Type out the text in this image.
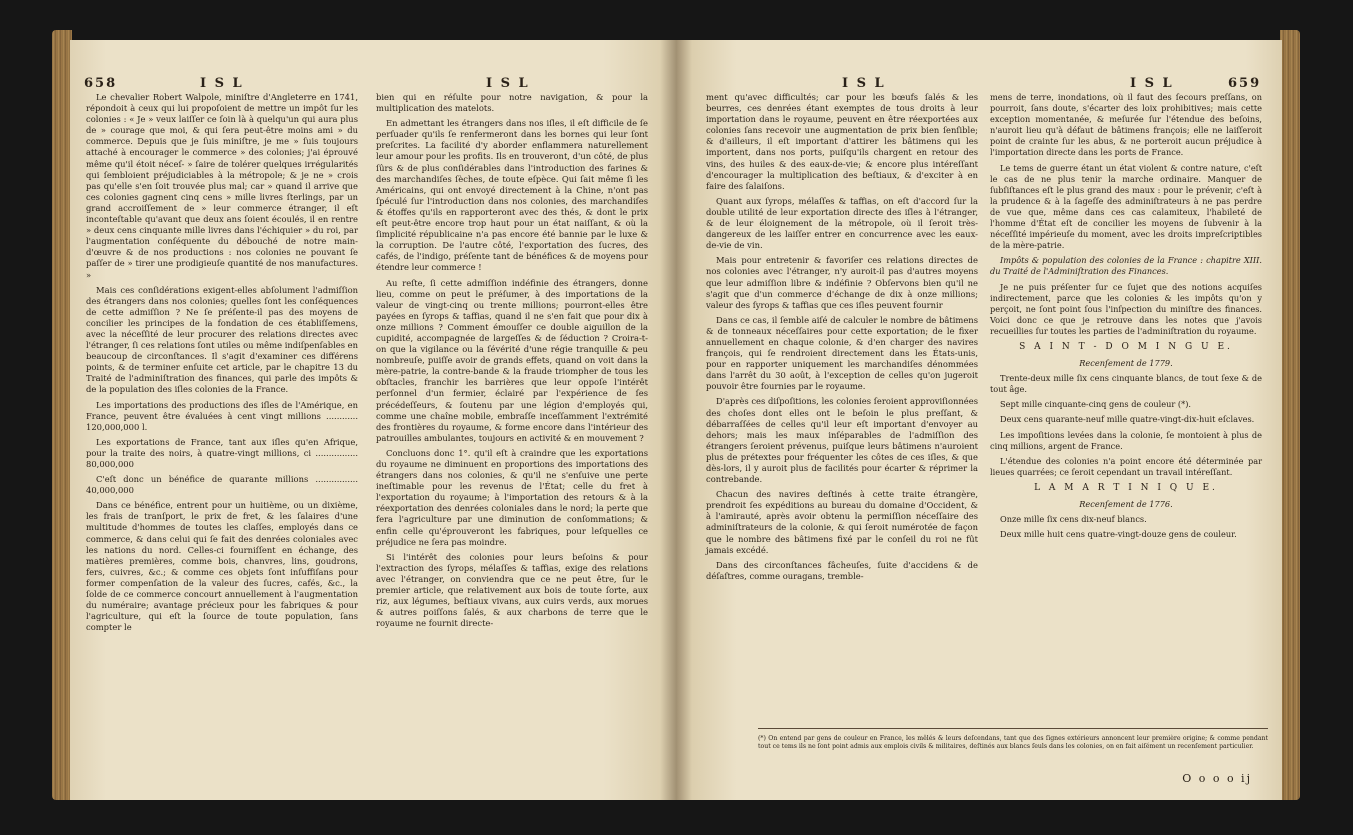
658	I S L	I S L

Le chevalier Robert Walpole, miniſtre d'Angleterre en 1741, répondoit à ceux qui lui propoſoient de mettre un impôt ſur les colonies : « Je » veux laiſſer ce ſoin là à quelqu'un qui aura plus de » courage que moi, & qui ſera peut-être moins ami » du commerce. Depuis que je ſuis miniſtre, je me » ſuis toujours attaché à encourager le commerce » des colonies; j'ai éprouvé même qu'il étoit néceſ- » ſaire de tolérer quelques irrégularités qui ſembloient préjudiciables à la métropole; & je ne » crois pas qu'elle s'en ſoit trouvée plus mal; car » quand il arrive que ces colonies gagnent cinq cens » mille livres ſterlings, par un grand accroiſſement de » leur commerce étranger, il eſt inconteſtable qu'avant que deux ans ſoient écoulés, il en rentre » deux cens cinquante mille livres dans l'échiquier » du roi, par l'augmentation conſéquente du débouché de notre main-d'œuvre & de nos productions : nos colonies ne pouvant ſe paſſer de » tirer une prodigieuſe quantité de nos manufactures. »

Mais ces conſidérations exigent-elles abſolument l'admiſſion des étrangers dans nos colonies; quelles ſont les conſéquences de cette admiſſion ? Ne ſe préſente-il pas des moyens de concilier les principes de la fondation de ces établiſſemens, avec la néceſſité de leur procurer des relations directes avec l'étranger, ſi ces relations ſont utiles ou même indiſpenſables en beaucoup de circonſtances. Il s'agit d'examiner ces différens points, & de terminer enſuite cet article, par le chapitre 13 du Traité de l'adminiſtration des finances, qui parle des impôts & de la population des iſles colonies de la France.

Les importations des productions des iſles de l'Amérique, en France, peuvent être évaluées à cent vingt millions ............ 120,000,000 l.

Les exportations de France, tant aux iſles qu'en Afrique, pour la traite des noirs, à quatre-vingt millions, ci ................ 80,000,000

C'eſt donc un bénéfice de quarante millions ................ 40,000,000

Dans ce bénéfice, entrent pour un huitième, ou un dixième, les frais de tranſport, le prix de fret, & les ſalaires d'une multitude d'hommes de toutes les claſſes, employés dans ce commerce, & dans celui qui ſe fait des denrées coloniales avec les nations du nord. Celles-ci fourniſſent en échange, des matières premières, comme bois, chanvres, lins, goudrons, fers, cuivres, &c.; & comme ces objets ſont inſuffiſans pour former compenſation de la valeur des ſucres, cafés, &c., la ſolde de ce commerce concourt annuellement à l'augmentation du numéraire; avantage précieux pour les fabriques & pour l'agriculture, qui eſt la ſource de toute population, ſans compter le

bien qui en réſulte pour notre navigation, & pour la multiplication des matelots.

En admettant les étrangers dans nos iſles, il eſt difficile de ſe perſuader qu'ils ſe renfermeront dans les bornes qui leur ſont preſcrites. La facilité d'y aborder enflammera naturellement leur amour pour les profits. Ils en trouveront, d'un côté, de plus ſûrs & de plus conſidérables dans l'introduction des farines & des marchandiſes ſèches, de toute eſpèce. Qui ſait même ſi les Américains, qui ont envoyé directement à la Chine, n'ont pas ſpéculé ſur l'introduction dans nos colonies, des marchandiſes & étoffes qu'ils en rapporteront avec des thés, & dont le prix eſt peut-être encore trop haut pour un état naiſſant, & où la ſimplicité républicaine n'a pas encore été bannie par le luxe & la corruption. De l'autre côté, l'exportation des ſucres, des cafés, de l'indigo, préſente tant de bénéfices & de moyens pour étendre leur commerce !

Au reſte, ſi cette admiſſion indéfinie des étrangers, donne lieu, comme on peut le préſumer, à des importations de la valeur de vingt-cinq ou trente millions; pourront-elles être payées en ſyrops & taffias, quand il ne s'en fait que pour dix à onze millions ? Comment émouſſer ce double aiguillon de la cupidité, accompagnée de largeſſes & de ſéduction ? Croira-t-on que la vigilance ou la ſévérité d'une régie tranquille & peu nombreuſe, puiſſe avoir de grands effets, quand on voit dans la mère-patrie, la contre-bande & la fraude triompher de tous les obſtacles, franchir les barrières que leur oppoſe l'intérêt perſonnel d'un fermier, éclairé par l'expérience de ſes précédeſſeurs, & ſoutenu par une légion d'employés qui, comme une chaîne mobile, embraſſe inceſſamment l'extrémité des frontières du royaume, & forme encore dans l'intérieur des patrouilles ambulantes, toujours en activité & en mouvement ?

Concluons donc 1°. qu'il eſt à craindre que les exportations du royaume ne diminuent en proportions des importations des étrangers dans nos colonies, & qu'il ne s'enſuive une perte ineſtimable pour les revenus de l'État; celle du fret à l'exportation du royaume; à l'importation des retours & à la réexportation des denrées coloniales dans le nord; la perte que fera l'agriculture par une diminution de conſommations; & enfin celle qu'éprouveront les fabriques, pour leſquelles ce préjudice ne ſera pas moindre.

Si l'intérêt des colonies pour leurs beſoins & pour l'extraction des ſyrops, mélaſſes & taffias, exige des relations avec l'étranger, on conviendra que ce ne peut être, ſur le premier article, que relativement aux bois de toute ſorte, aux riz, aux légumes, beſtiaux vivans, aux cuirs verds, aux morues & autres poiſſons ſalés, & aux charbons de terre que le royaume ne fournit directe-

I S L	I S L	659

ment qu'avec difficultés; car pour les bœufs ſalés & les beurres, ces denrées étant exemptes de tous droits à leur importation dans le royaume, peuvent en être réexportées aux colonies ſans recevoir une augmentation de prix bien ſenſible; & d'ailleurs, il eſt important d'attirer les bâtimens qui les importent, dans nos ports, puiſqu'ils chargent en retour des vins, des huiles & des eaux-de-vie; & encore plus intéreſſant d'encourager la multiplication des beſtiaux, & d'exciter à en faire des ſalaiſons.

Quant aux ſyrops, mélaſſes & taffias, on eſt d'accord ſur la double utilité de leur exportation directe des iſles à l'étranger, & de leur éloignement de la métropole, où il ſeroit très-dangereux de les laiſſer entrer en concurrence avec les eaux-de-vie de vin.

Mais pour entretenir & favoriſer ces relations directes de nos colonies avec l'étranger, n'y auroit-il pas d'autres moyens que leur admiſſion libre & indéfinie ? Obſervons bien qu'il ne s'agit que d'un commerce d'échange de dix à onze millions; valeur des ſyrops & taffias que ces iſles peuvent fournir

Dans ce cas, il ſemble aiſé de calculer le nombre de bâtimens & de tonneaux néceſſaires pour cette exportation; de le fixer annuellement en chaque colonie, & d'en charger des navires françois, qui ſe rendroient directement dans les États-unis, pour en rapporter uniquement les marchandiſes dénommées dans l'arrêt du 30 août, à l'exception de celles qu'on jugeroit pouvoir être fournies par le royaume.

D'après ces diſpoſitions, les colonies ſeroient approviſionnées des choſes dont elles ont le beſoin le plus preſſant, & débarraſſées de celles qu'il leur eſt important d'envoyer au dehors; mais les maux inſéparables de l'admiſſion des étrangers ſeroient prévenus, puiſque leurs bâtimens n'auroient plus de prétextes pour fréquenter les côtes de ces iſles, & que dès-lors, il y auroit plus de facilités pour écarter & réprimer la contrebande.

Chacun des navires deſtinés à cette traite étrangère, prendroit ſes expéditions au bureau du domaine d'Occident, & à l'amirauté, après avoir obtenu la permiſſion néceſſaire des adminiſtrateurs de la colonie, & qui ſeroit numérotée de façon que le nombre des bâtimens fixé par le conſeil du roi ne fût jamais excédé.

Dans des circonſtances fâcheuſes, ſuite d'accidens & de déſaſtres, comme ouragans, tremble-

mens de terre, inondations, où il faut des ſecours preſſans, on pourroit, ſans doute, s'écarter des loix prohibitives; mais cette exception momentanée, & meſurée ſur l'étendue des beſoins, n'auroit lieu qu'à défaut de bâtimens françois; elle ne laiſſeroit point de crainte ſur les abus, & ne porteroit aucun préjudice à l'importation directe dans les ports de France.

Le tems de guerre étant un état violent & contre nature, c'eſt le cas de ne plus tenir la marche ordinaire. Manquer de ſubſiſtances eſt le plus grand des maux : pour le prévenir, c'eſt à la prudence & à la ſageſſe des adminiſtrateurs à ne pas perdre de vue que, même dans ces cas calamiteux, l'habileté de l'homme d'État eſt de concilier les moyens de ſubvenir à la néceſſité impérieuſe du moment, avec les droits impreſcriptibles de la mère-patrie.

Impôts & population des colonies de la France : chapitre XIII. du Traité de l'Adminiſtration des Finances.

Je ne puis préſenter ſur ce ſujet que des notions acquiſes indirectement, parce que les colonies & les impôts qu'on y perçoit, ne ſont point ſous l'inſpection du miniſtre des finances. Voici donc ce que je retrouve dans les notes que j'avois recueillies ſur toutes les parties de l'adminiſtration du royaume.

S A I N T - D O M I N G U E.

Recenſement de 1779.

Trente-deux mille ſix cens cinquante blancs, de tout ſexe & de tout âge.

Sept mille cinquante-cinq gens de couleur (*).

Deux cens quarante-neuf mille quatre-vingt-dix-huit eſclaves.

Les impoſitions levées dans la colonie, ſe montoient à plus de cinq millions, argent de France.

L'étendue des colonies n'a point encore été déterminée par lieues quarrées; ce ſeroit cependant un travail intéreſſant.

L A M A R T I N I Q U E.

Recenſement de 1776.

Onze mille ſix cens dix-neuf blancs.

Deux mille huit cens quatre-vingt-douze gens de couleur.

(*) On entend par gens de couleur en France, les mêlés & leurs deſcendans, tant que des ſignes extérieurs annoncent leur première origine; & comme pendant tout ce tems ils ne ſont point admis aux emplois civils & militaires, deſtinés aux blancs ſeuls dans les colonies, on en fait aiſément un recenſement particulier.
O o o o ij
